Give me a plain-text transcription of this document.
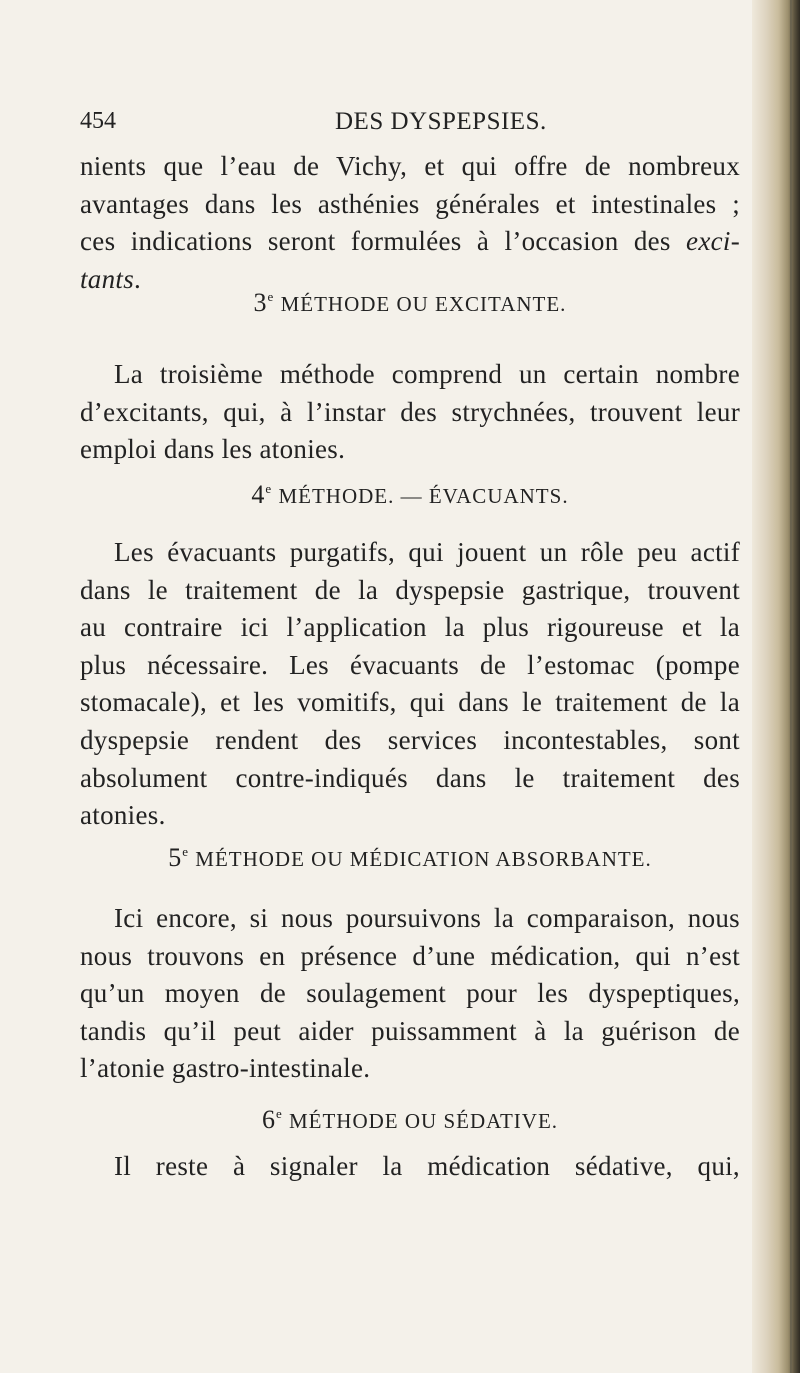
454	DES DYSPEPSIES.
nients que l’eau de Vichy, et qui offre de nombreux
avantages dans les asthénies générales et intestinales ;
ces indications seront formulées à l’occasion des exci-
tants.
3e MÉTHODE OU EXCITANTE.
La troisième méthode comprend un certain nombre
d’excitants, qui, à l’instar des strychnées, trouvent leur
emploi dans les atonies.
4e MÉTHODE. — ÉVACUANTS.
Les évacuants purgatifs, qui jouent un rôle peu actif
dans le traitement de la dyspepsie gastrique, trouvent
au contraire ici l’application la plus rigoureuse et la
plus nécessaire. Les évacuants de l’estomac (pompe
stomacale), et les vomitifs, qui dans le traitement de la
dyspepsie rendent des services incontestables, sont
absolument contre-indiqués dans le traitement des
atonies.
5e MÉTHODE OU MÉDICATION ABSORBANTE.
Ici encore, si nous poursuivons la comparaison, nous
nous trouvons en présence d’une médication, qui n’est
qu’un moyen de soulagement pour les dyspeptiques,
tandis qu’il peut aider puissamment à la guérison de
l’atonie gastro-intestinale.
6e MÉTHODE OU SÉDATIVE.
Il reste à signaler la médication sédative, qui,
